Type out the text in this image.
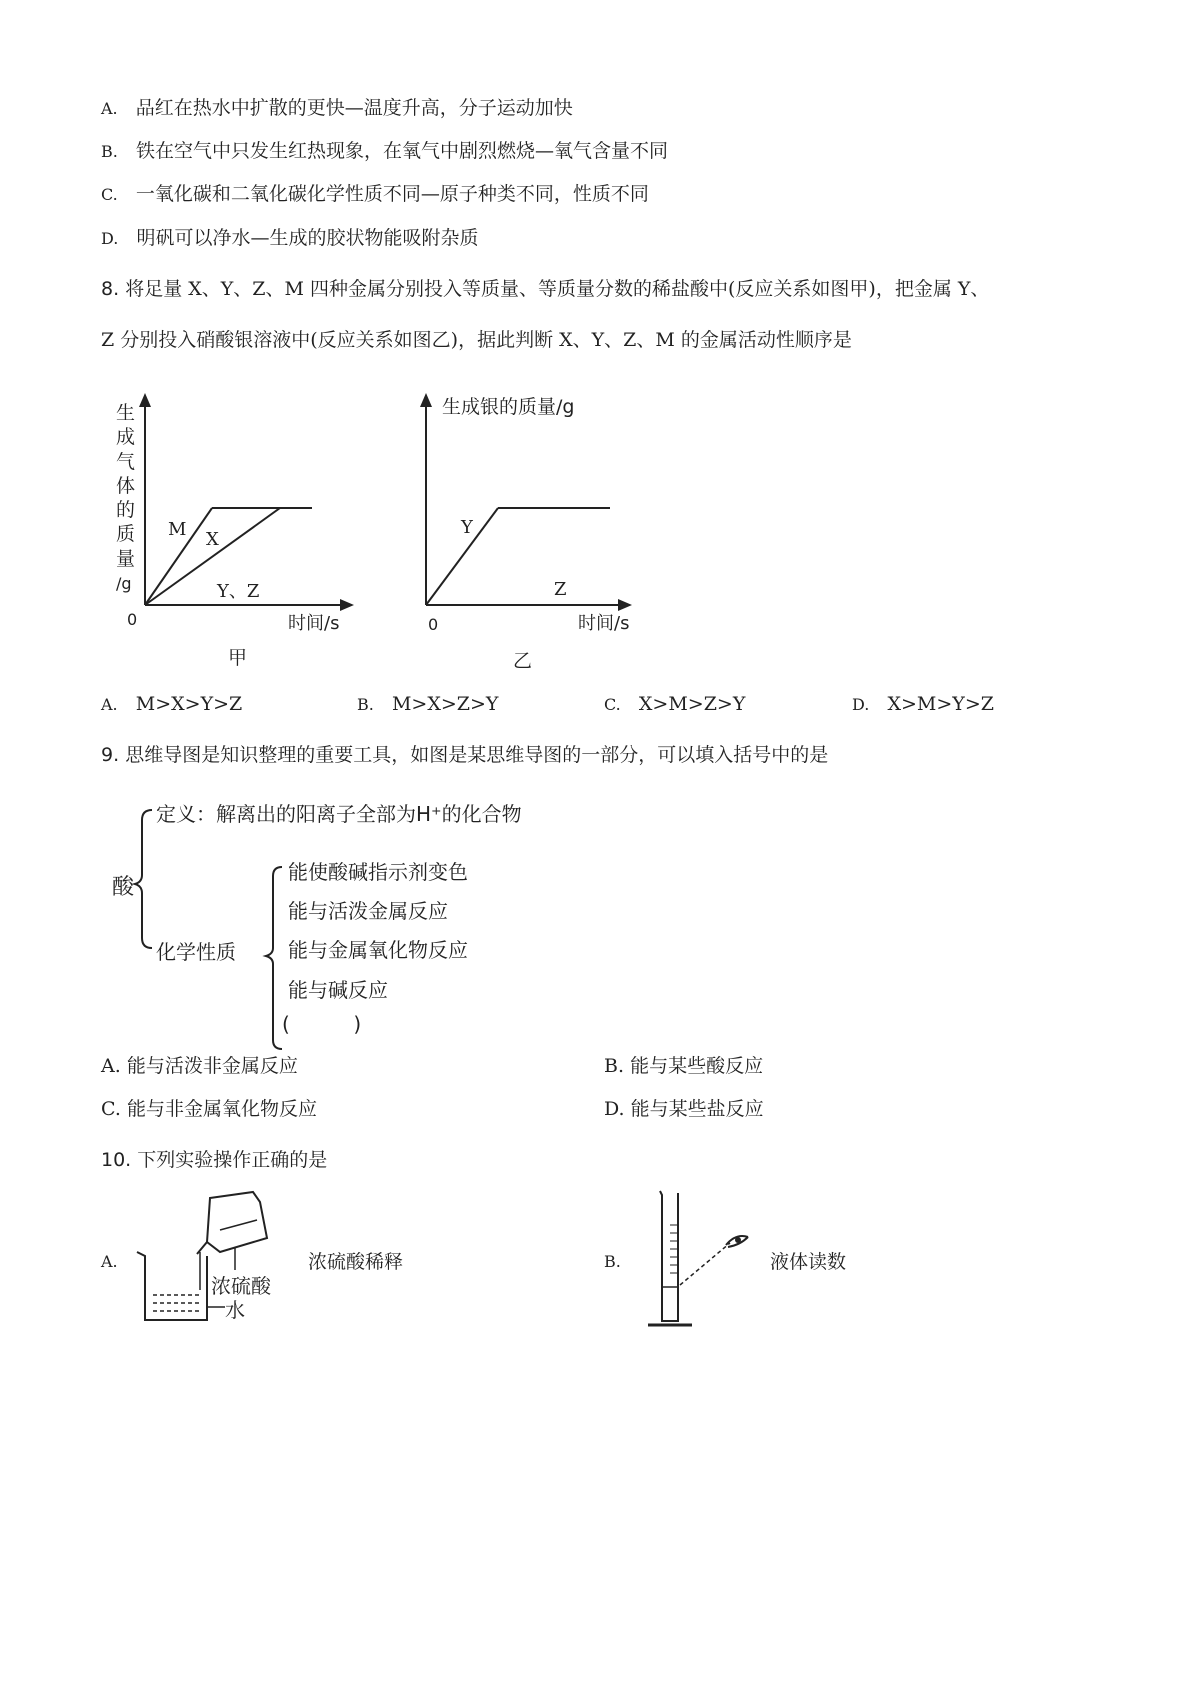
A. 品红在热水中扩散的更快—温度升高，分子运动加快
B. 铁在空气中只发生红热现象，在氧气中剧烈燃烧—氧气含量不同
C. 一氧化碳和二氧化碳化学性质不同—原子种类不同，性质不同
D. 明矾可以净水—生成的胶状物能吸附杂质
8. 将足量 X、Y、Z、M 四种金属分别投入等质量、等质量分数的稀盐酸中(反应关系如图甲)，把金属 Y、
Z 分别投入硝酸银溶液中(反应关系如图乙)，据此判断 X、Y、Z、M 的金属活动性顺序是
生
成
气
体
的
质
量
/g
0
M X
Y、Z
时间/s
甲
生成银的质量/g
0
Y
Z
时间/s
乙
A. M>X>Y>Z	B. M>X>Z>Y	C. X>M>Z>Y	D. X>M>Y>Z
9. 思维导图是知识整理的重要工具，如图是某思维导图的一部分，可以填入括号中的是
酸
定义：解离出的阳离子全部为H⁺的化合物
化学性质
能使酸碱指示剂变色
能与活泼金属反应
能与金属氧化物反应
能与碱反应
(          )
A. 能与活泼非金属反应	B. 能与某些酸反应
C. 能与非金属氧化物反应	D. 能与某些盐反应
10. 下列实验操作正确的是
A.
浓硫酸
水
浓硫酸稀释	B.	液体读数
